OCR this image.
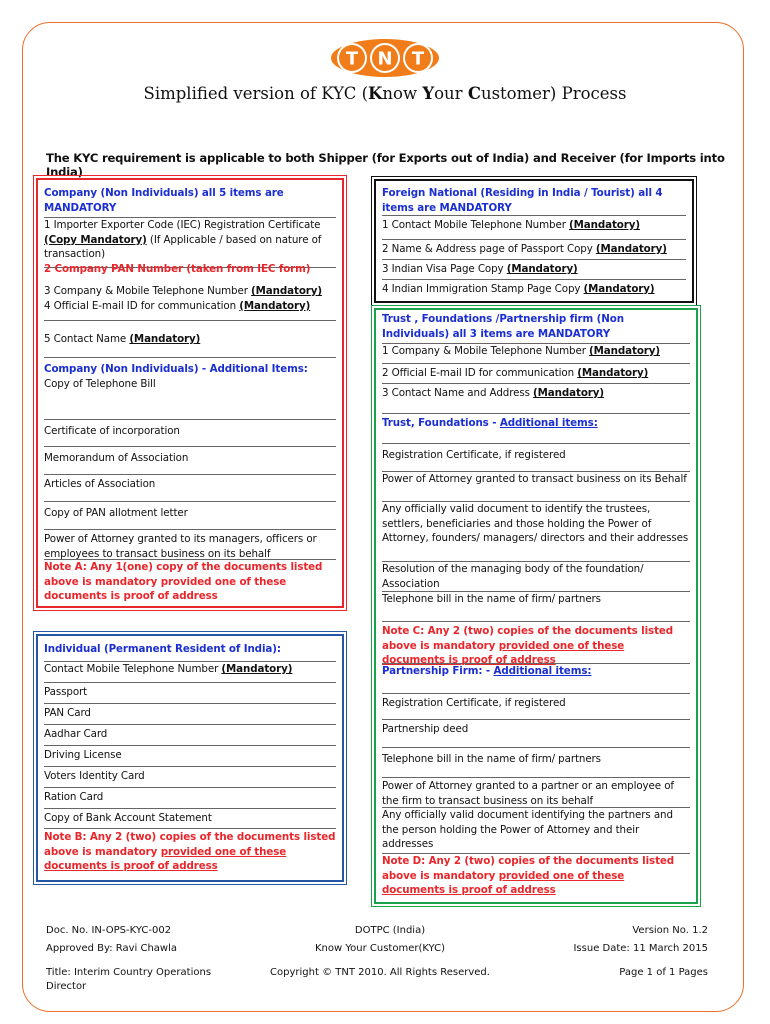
T N T
Simplified version of KYC (Know Your Customer) Process
The KYC requirement is applicable to both Shipper (for Exports out of India) and Receiver (for Imports into India)
Company (Non Individuals) all 5 items are MANDATORY
1 Importer Exporter Code (IEC) Registration Certificate (Copy Mandatory) (If Applicable / based on nature of transaction)
2 Company PAN Number (taken from IEC form)
3 Company & Mobile Telephone Number (Mandatory)
4 Official E-mail ID for communication (Mandatory)
5 Contact Name (Mandatory)
Company (Non Individuals) - Additional Items:
Copy of Telephone Bill
Certificate of incorporation
Memorandum of Association
Articles of Association
Copy of PAN allotment letter
Power of Attorney granted to its managers, officers or employees to transact business on its behalf
Note A: Any 1(one) copy of the documents listed above is mandatory provided one of these documents is proof of address
Foreign National (Residing in India / Tourist) all 4 items are MANDATORY
1 Contact Mobile Telephone Number (Mandatory)
2 Name & Address page of Passport Copy (Mandatory)
3 Indian Visa Page Copy (Mandatory)
4 Indian Immigration Stamp Page Copy (Mandatory)
Trust , Foundations /Partnership firm (Non Individuals) all 3 items are MANDATORY
1 Company & Mobile Telephone Number (Mandatory)
2 Official E-mail ID for communication (Mandatory)
3 Contact Name and Address (Mandatory)
Trust, Foundations - Additional items:
Registration Certificate, if registered
Power of Attorney granted to transact business on its Behalf
Any officially valid document to identify the trustees, settlers, beneficiaries and those holding the Power of Attorney, founders/ managers/ directors and their addresses
Resolution of the managing body of the foundation/ Association
Telephone bill in the name of firm/ partners
Note C: Any 2 (two) copies of the documents listed above is mandatory provided one of these documents is proof of address
Partnership Firm: - Additional items:
Registration Certificate, if registered
Partnership deed
Telephone bill in the name of firm/ partners
Power of Attorney granted to a partner or an employee of the firm to transact business on its behalf
Any officially valid document identifying the partners and the person holding the Power of Attorney and their addresses
Note D: Any 2 (two) copies of the documents listed above is mandatory provided one of these documents is proof of address
Individual (Permanent Resident of India):
Contact Mobile Telephone Number (Mandatory)
Passport
PAN Card
Aadhar Card
Driving License
Voters Identity Card
Ration Card
Copy of Bank Account Statement
Note B: Any 2 (two) copies of the documents listed above is mandatory provided one of these documents is proof of address
Doc. No. IN-OPS-KYC-002
Approved By: Ravi Chawla
Title: Interim Country Operations
Director
DOTPC (India)
Know Your Customer(KYC)
Copyright © TNT 2010. All Rights Reserved.
Version No. 1.2
Issue Date: 11 March 2015
Page 1 of 1 Pages
